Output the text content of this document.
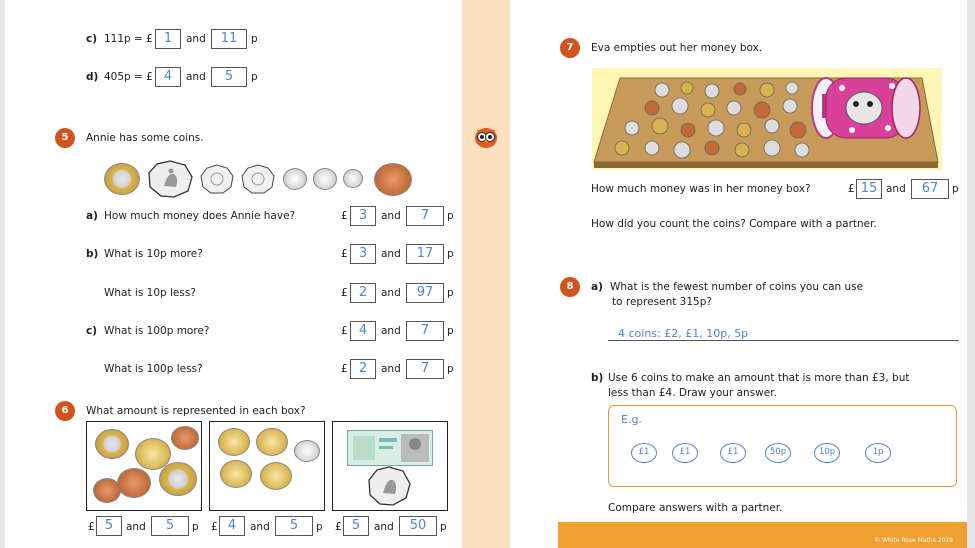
c) 111p = £ 1	and	11	p
d) 405p = £ 4	and	5	p
5	Annie has some coins.
a) How much money does Annie have?	£ 3	and	7	p
b) What is 10p more?	£ 3	and	17	p
What is 10p less?	£ 2	and	97	p
c) What is 100p more?	£ 4	and	7	p
What is 100p less?	£ 2	and	7	p
6	What amount is represented in each box?
£ 5	and	5	p £ 4	and	5	p £ 5	and	50	p
7	Eva empties out her money box.
How much money was in her money box?	£ 15 and	67	p
How did you count the coins? Compare with a partner.
8	a) What is the fewest number of coins you can use
to represent 315p?
4 coins: £2, £1, 10p, 5p
b) Use 6 coins to make an amount that is more than £3, but
less than £4. Draw your answer.
E.g.
£1	£1	£1	50p	10p	1p
Compare answers with a partner.
© White Rose Maths 2019
